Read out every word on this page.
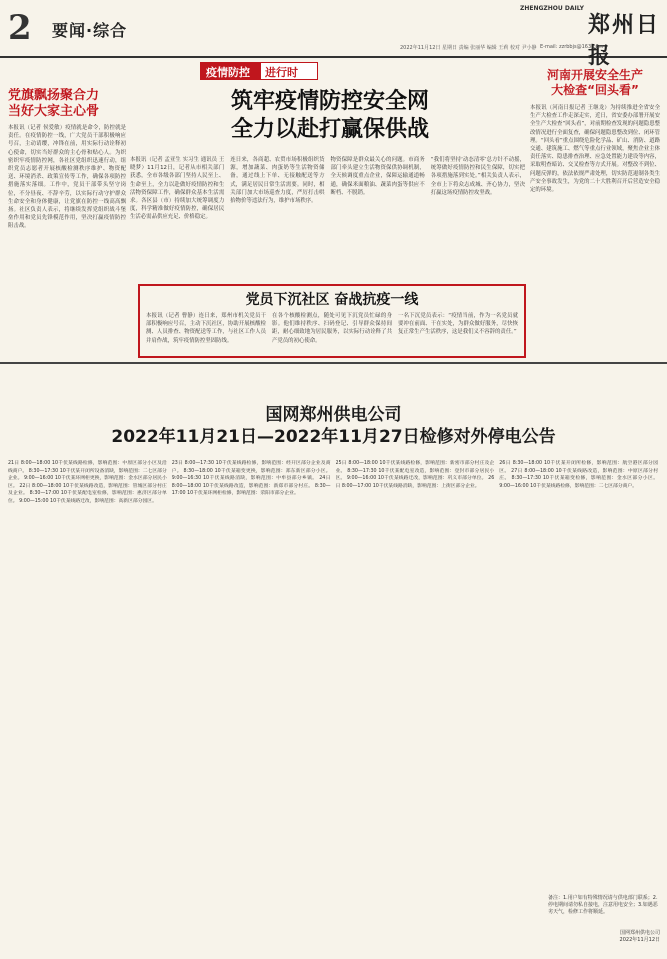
2 要闻·综合
2022年11月12日 星期日 责编 张丽华 编辑 王莉 校对 尹小静
ZHENGZHOU DAILY
郑州日报
E-mail: zzrbbjs@163.com
党旗飘扬聚合力
当好大家主心骨
本报讯（记者 侯爱敏）疫情就是命令，防控就是责任。在疫情防控一线，广大党员干部积极响应号召，主动请缨，冲锋在前，用实际行动诠释初心使命，切实当好群众的主心骨和贴心人。为织密织牢疫情防控网，各社区党组织迅速行动，组织党员志愿者开展核酸检测秩序维护、物资配送、环境消杀、政策宣传等工作，确保各项防控措施落实落细。工作中，党员干部带头坚守岗位，不分昼夜、不辞辛劳，以实际行动守护群众生命安全和身体健康，让党旗在防控一线高高飘扬。社区负责人表示，将继续发挥党组织战斗堡垒作用和党员先锋模范作用，坚决打赢疫情防控阻击战。
疫情防控	进行时
筑牢疫情防控安全网
全力以赴打赢保供战
本报讯（记者 孟亚生 实习生 通讯员 王晓梦）11月12日，记者从市相关部门获悉，全市各级各部门坚持人民至上、生命至上，全力以赴做好疫情防控和生活物资保障工作，确保群众基本生活需求。各区县（市）持续加大统筹调度力度，科学精准做好疫情防控，确保居民生活必需品供应充足、价格稳定。
连日来，各商超、农贸市场积极组织货源，增加蔬菜、肉蛋奶等生活物资储备，通过线上下单、无接触配送等方式，满足居民日常生活需要。同时，相关部门加大市场巡查力度，严厉打击哄抬物价等违法行为，维护市场秩序。
物资保障是群众最关心的问题。市商务部门牵头建立生活物资保供协调机制，全天候调度重点企业，保障运输通道畅通，确保米面粮油、蔬菜肉蛋等供应不断档、不脱销。
“我们将坚持‘动态清零’总方针不动摇，统筹做好疫情防控和民生保障，切实把各项措施落到实处。”相关负责人表示，全市上下将众志成城、齐心协力，坚决打赢这场疫情防控攻坚战。
河南开展安全生产
大检查“回头看”
本报讯（河南日报记者 王继龙）为持续推进全省安全生产大检查工作走深走实，近日，省安委办部署开展安全生产大检查“回头看”，对前期检查发现的问题隐患整改情况进行全面复查，确保问题隐患整改到位、闭环管理。“回头看”重点围绕危险化学品、矿山、消防、道路交通、建筑施工、燃气等重点行业领域，聚焦企业主体责任落实、隐患排查治理、应急处置能力建设等内容，采取明查暗访、交叉检查等方式开展。对整改不到位、问题反弹的，依法依规严肃处理，切实防范遏制各类生产安全事故发生，为党的二十大胜利召开后营造安全稳定的环境。
党员下沉社区 奋战抗疫一线
本报讯（记者 曹静）连日来，郑州市机关党员干部积极响应号召，主动下沉社区，协助开展核酸检测、人员排查、物资配送等工作，与社区工作人员并肩作战，筑牢疫情防控坚固防线。
在各个核酸检测点，随处可见下沉党员忙碌的身影。他们维持秩序、扫码登记、引导群众保持间距，耐心细致地为居民服务，以实际行动诠释了共产党员的初心使命。
一名下沉党员表示：“疫情当前，作为一名党员就要冲在前面、干在实处，为群众做好服务，尽快恢复正常生产生活秩序，这是我们义不容辞的责任。”
国网郑州供电公司
2022年11月21日—2022年11月27日检修对外停电公告
21日 8:00—18:00 10千伏某线路检修，影响范围：中原区部分小区及沿线商户。 8:30—17:30 10千伏某开闭所设备消缺，影响范围：二七区部分企业。 9:00—16:00 10千伏某环网柜更换，影响范围：金水区部分居民小区。 22日 8:00—18:00 10千伏某线路改造，影响范围：管城区部分村庄及企业。 8:30—17:00 10千伏某配电室检修，影响范围：惠济区部分单位。 9:00—15:00 10千伏某线路迁改，影响范围：高新区部分园区。
23日 8:00—17:30 10千伏某线路检修，影响范围：经开区部分企业及商户。 8:30—18:00 10千伏某箱变更换，影响范围：郑东新区部分小区。 9:00—16:30 10千伏某线路消缺，影响范围：中牟县部分乡镇。 24日 8:00—18:00 10千伏某线路改造，影响范围：新郑市部分村庄。 8:30—17:00 10千伏某环网柜检修，影响范围：荥阳市部分企业。
25日 8:00—18:00 10千伏某线路检修，影响范围：新密市部分村庄及企业。 8:30—17:30 10千伏某配电室改造，影响范围：登封市部分居民小区。 9:00—16:00 10千伏某线路迁改，影响范围：巩义市部分单位。 26日 8:00—17:00 10千伏某线路消缺，影响范围：上街区部分企业。
26日 8:30—18:00 10千伏某开闭所检修，影响范围：航空港区部分园区。 27日 8:00—18:00 10千伏某线路改造，影响范围：中原区部分村庄。 8:30—17:30 10千伏某箱变检修，影响范围：金水区部分小区。 9:00—16:00 10千伏某线路检修，影响范围：二七区部分商户。
备注：1.用户如有特殊情况请与供电部门联系；2.停电期间请勿私自接电，注意用电安全；3.如遇恶劣天气，检修工作将顺延。
国网郑州供电公司
2022年11月12日
